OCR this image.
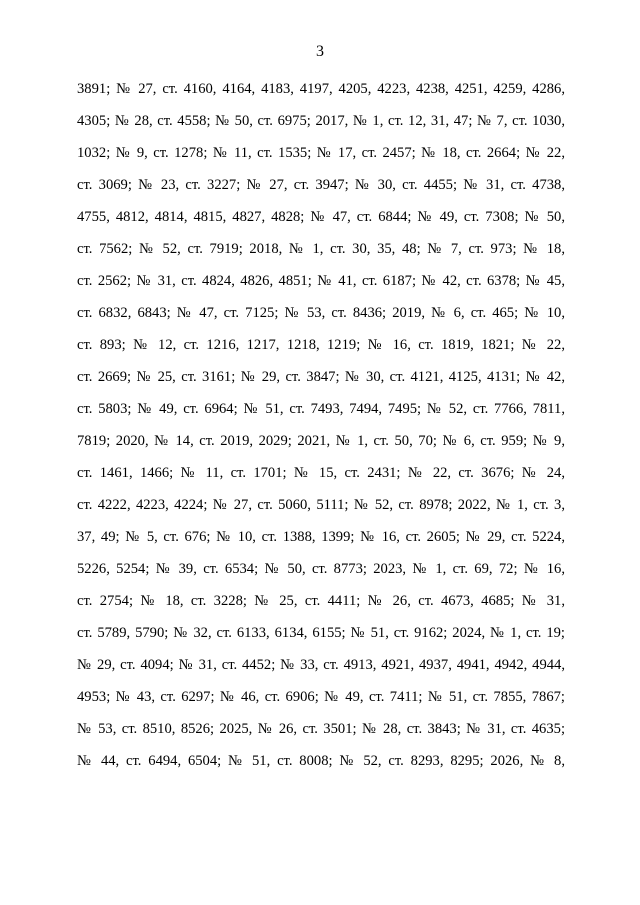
3
3891; № 27, ст. 4160, 4164, 4183, 4197, 4205, 4223, 4238, 4251, 4259, 4286,
4305; № 28, ст. 4558; № 50, ст. 6975; 2017, № 1, ст. 12, 31, 47; № 7, ст. 1030,
1032; № 9, ст. 1278; № 11, ст. 1535; № 17, ст. 2457; № 18, ст. 2664; № 22,
ст. 3069; № 23, ст. 3227; № 27, ст. 3947; № 30, ст. 4455; № 31, ст. 4738,
4755, 4812, 4814, 4815, 4827, 4828; № 47, ст. 6844; № 49, ст. 7308; № 50,
ст. 7562; № 52, ст. 7919; 2018, № 1, ст. 30, 35, 48; № 7, ст. 973; № 18,
ст. 2562; № 31, ст. 4824, 4826, 4851; № 41, ст. 6187; № 42, ст. 6378; № 45,
ст. 6832, 6843; № 47, ст. 7125; № 53, ст. 8436; 2019, № 6, ст. 465; № 10,
ст. 893; № 12, ст. 1216, 1217, 1218, 1219; № 16, ст. 1819, 1821; № 22,
ст. 2669; № 25, ст. 3161; № 29, ст. 3847; № 30, ст. 4121, 4125, 4131; № 42,
ст. 5803; № 49, ст. 6964; № 51, ст. 7493, 7494, 7495; № 52, ст. 7766, 7811,
7819; 2020, № 14, ст. 2019, 2029; 2021, № 1, ст. 50, 70; № 6, ст. 959; № 9,
ст. 1461, 1466; № 11, ст. 1701; № 15, ст. 2431; № 22, ст. 3676; № 24,
ст. 4222, 4223, 4224; № 27, ст. 5060, 5111; № 52, ст. 8978; 2022, № 1, ст. 3,
37, 49; № 5, ст. 676; № 10, ст. 1388, 1399; № 16, ст. 2605; № 29, ст. 5224,
5226, 5254; № 39, ст. 6534; № 50, ст. 8773; 2023, № 1, ст. 69, 72; № 16,
ст. 2754; № 18, ст. 3228; № 25, ст. 4411; № 26, ст. 4673, 4685; № 31,
ст. 5789, 5790; № 32, ст. 6133, 6134, 6155; № 51, ст. 9162; 2024, № 1, ст. 19;
№ 29, ст. 4094; № 31, ст. 4452; № 33, ст. 4913, 4921, 4937, 4941, 4942, 4944,
4953; № 43, ст. 6297; № 46, ст. 6906; № 49, ст. 7411; № 51, ст. 7855, 7867;
№ 53, ст. 8510, 8526; 2025, № 26, ст. 3501; № 28, ст. 3843; № 31, ст. 4635;
№ 44, ст. 6494, 6504; № 51, ст. 8008; № 52, ст. 8293, 8295; 2026, № 8,
